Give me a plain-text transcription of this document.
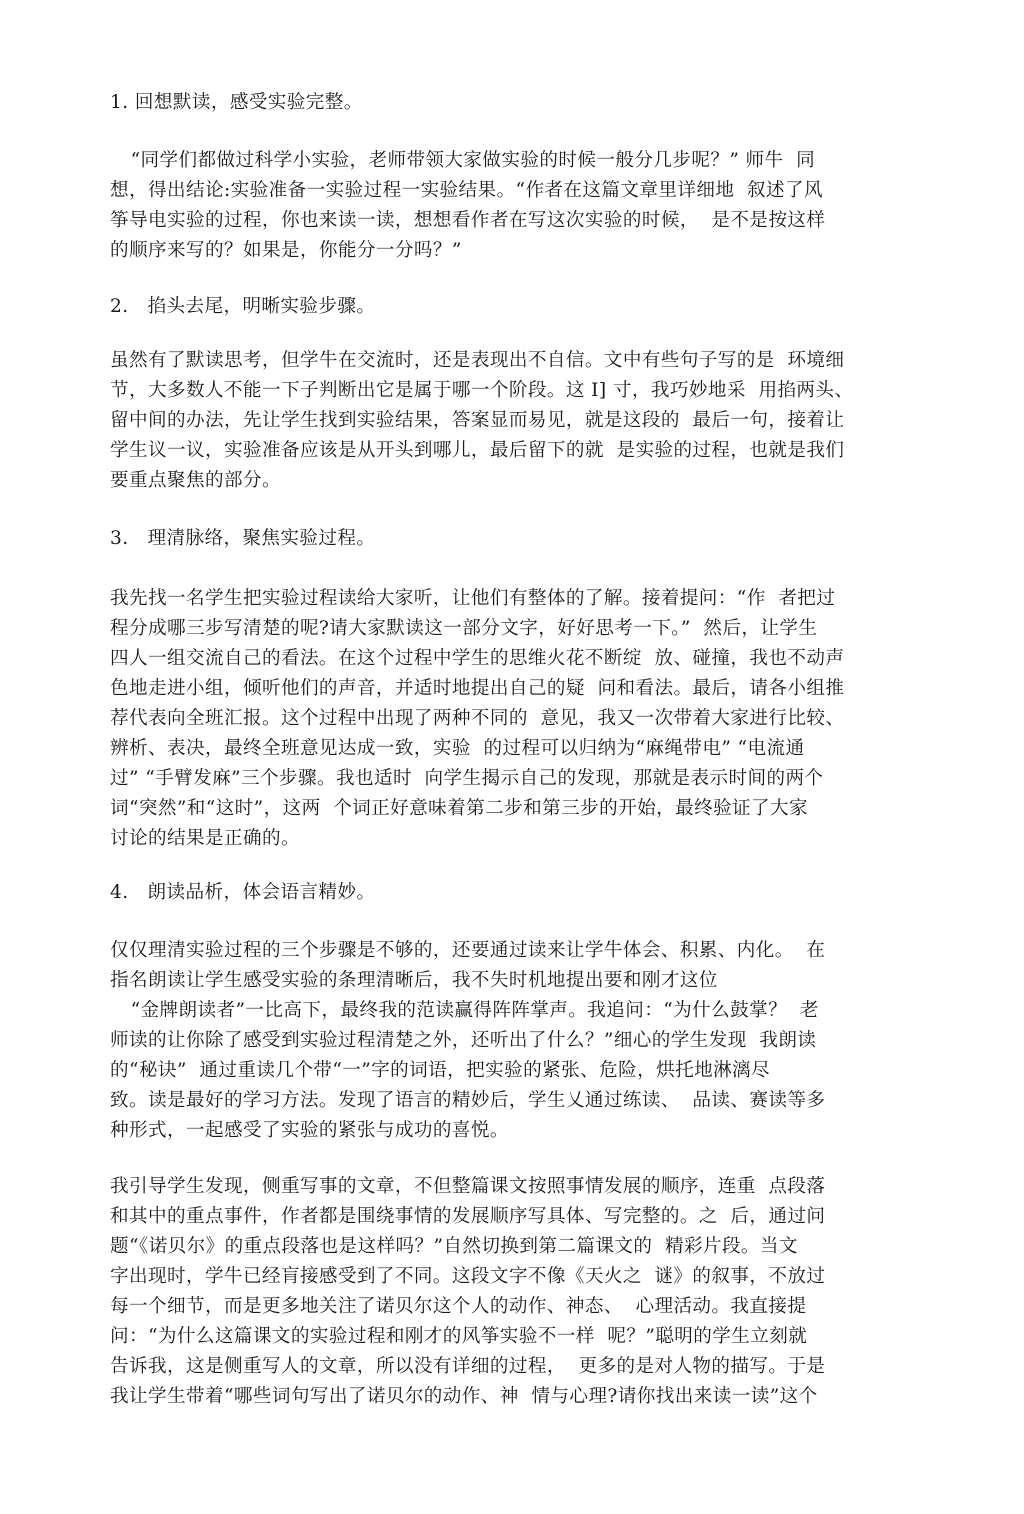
1. 回想默读，感受实验完整。
“同学们都做过科学小实验，老师带领大家做实验的时候一般分几步呢？” 师牛  同
想，得出结论:实验准备一实验过程一实验结果。“作者在这篇文章里详细地  叙述了风
筝导电实验的过程，你也来读一读，想想看作者在写这次实验的时候，  是不是按这样
的顺序来写的？如果是，你能分一分吗？”
2.   掐头去尾，明晰实验步骤。
虽然有了默读思考，但学牛在交流时，还是表现出不自信。文中有些句子写的是  环境细
节，大多数人不能一下子判断出它是属于哪一个阶段。这 I] 寸，我巧妙地采  用掐两头、
留中间的办法，先让学生找到实验结果，答案显而易见，就是这段的  最后一句，接着让
学生议一议，实验准备应该是从开头到哪儿，最后留下的就  是实验的过程，也就是我们
要重点聚焦的部分。
3.   理清脉络，聚焦实验过程。
我先找一名学生把实验过程读给大家听，让他们有整体的了解。接着提问：“作  者把过
程分成哪三步写清楚的呢?请大家默读这一部分文字，好好思考一下。”  然后，让学生
四人一组交流自己的看法。在这个过程中学生的思维火花不断绽  放、碰撞，我也不动声
色地走进小组，倾听他们的声音，并适时地提出自己的疑  问和看法。最后，请各小组推
荐代表向全班汇报。这个过程中出现了两种不同的  意见，我又一次带着大家进行比较、
辨析、表决，最终全班意见达成一致，实验  的过程可以归纳为“麻绳带电” “电流通
过” “手臂发麻”三个步骤。我也适时  向学生揭示自己的发现，那就是表示时间的两个
词“突然”和“这时”，这两  个词正好意味着第二步和第三步的开始，最终验证了大家
讨论的结果是正确的。
4.   朗读品析，体会语言精妙。
仅仅理清实验过程的三个步骤是不够的，还要通过读来让学牛体会、积累、内化。  在
指名朗读让学生感受实验的条理清晰后，我不失时机地提出要和刚才这位
“金牌朗读者”一比高下，最终我的范读赢得阵阵掌声。我追问：“为什么鼓掌？  老
师读的让你除了感受到实验过程清楚之外，还听出了什么？”细心的学生发现  我朗读
的“秘诀”  通过重读几个带“一”字的词语，把实验的紧张、危险，烘托地淋漓尽
致。读是最好的学习方法。发现了语言的精妙后，学生乂通过练读、  品读、赛读等多
种形式，一起感受了实验的紧张与成功的喜悦。
我引导学生发现，侧重写事的文章，不但整篇课文按照事情发展的顺序，连重  点段落
和其中的重点事件，作者都是围绕事情的发展顺序写具体、写完整的。之  后，通过问
题“《诺贝尔》的重点段落也是这样吗？”自然切换到第二篇课文的  精彩片段。当文
字出现时，学牛已经肓接感受到了不同。这段文字不像《天火之  谜》的叙事，不放过
每一个细节，而是更多地关注了诺贝尔这个人的动作、神态、  心理活动。我直接提
问：“为什么这篇课文的实验过程和刚才的风筝实验不一样  呢？”聪明的学生立刻就
告诉我，这是侧重写人的文章，所以没有详细的过程，  更多的是对人物的描写。于是
我让学生带着“哪些词句写出了诺贝尔的动作、神  情与心理?请你找出来读一读”这个
